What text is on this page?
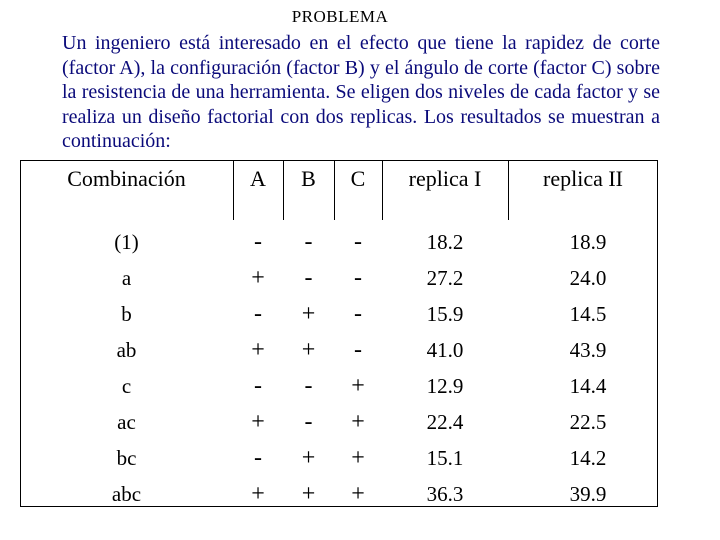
PROBLEMA

Un ingeniero está interesado en el efecto que tiene la rapidez de corte (factor A), la configuración (factor B) y el ángulo de corte (factor C) sobre la resistencia de una herramienta. Se eligen dos niveles de cada factor y se realiza un diseño factorial con dos replicas. Los resultados se muestran a continuación:

Combinación	A	B	C	replica I	replica II
(1)	-	-	-	18.2	18.9
a	+	-	-	27.2	24.0
b	-	+	-	15.9	14.5
ab	+	+	-	41.0	43.9
c	-	-	+	12.9	14.4
ac	+	-	+	22.4	22.5
bc	-	+	+	15.1	14.2
abc	+	+	+	36.3	39.9
